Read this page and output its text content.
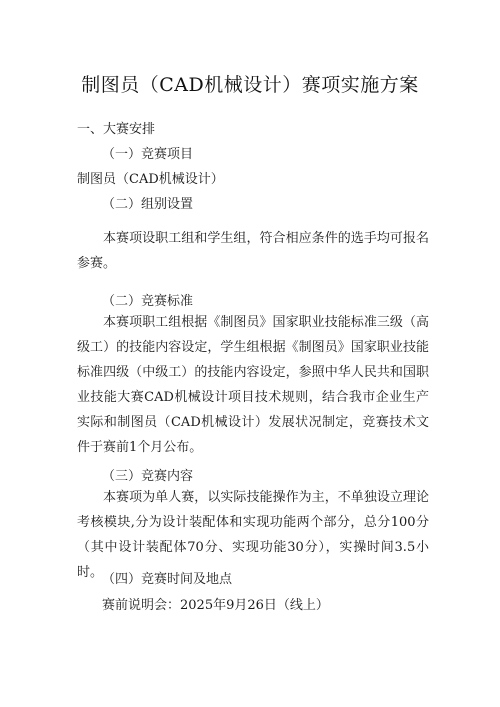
制图员（CAD机械设计）赛项实施方案
一、大赛安排
（一）竞赛项目
制图员（CAD机械设计）
（二）组别设置
本赛项设职工组和学生组，符合相应条件的选手均可报名参赛。
（二）竞赛标准
本赛项职工组根据《制图员》国家职业技能标准三级（高级工）的技能内容设定，学生组根据《制图员》国家职业技能标准四级（中级工）的技能内容设定，参照中华人民共和国职业技能大赛CAD机械设计项目技术规则，结合我市企业生产实际和制图员（CAD机械设计）发展状况制定，竞赛技术文件于赛前1个月公布。
（三）竞赛内容
本赛项为单人赛，以实际技能操作为主，不单独设立理论考核模块,分为设计装配体和实现功能两个部分，总分100分（其中设计装配体70分、实现功能30分），实操时间3.5小时。
（四）竞赛时间及地点
赛前说明会：2025年9月26日（线上）
